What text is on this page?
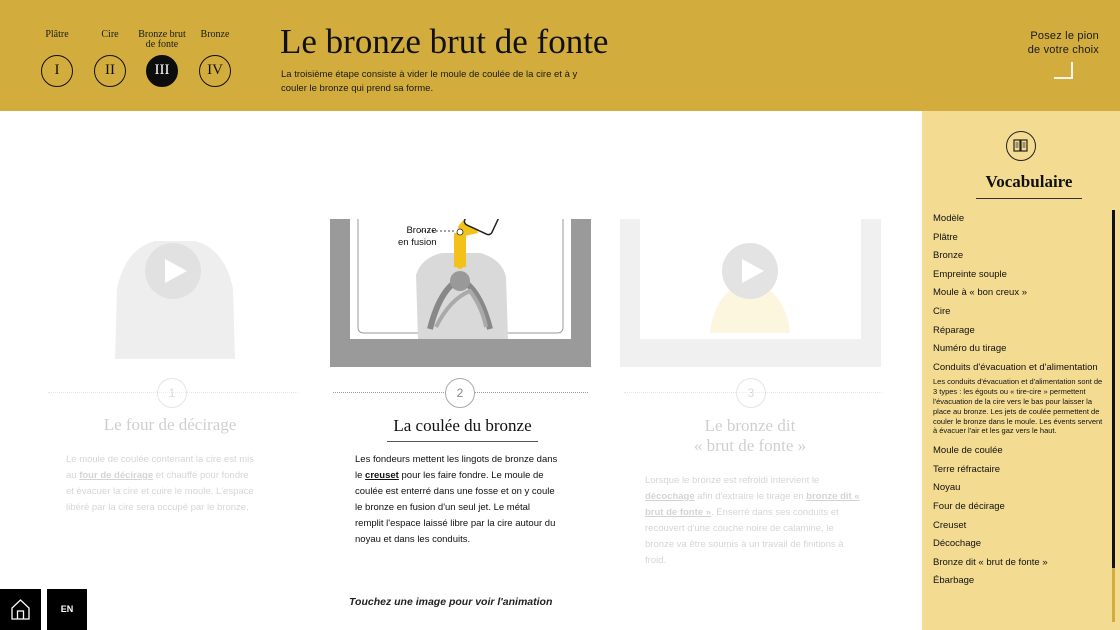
Plâtre
I
Cire
II
Bronze brut de fonte
III
Bronze
IV
Le bronze brut de fonte
La troisième étape consiste à vider le moule de coulée de la cire et à y couler le bronze qui prend sa forme.
Posez le pion
de votre choix
Bronze
en fusion
1	2	3
Le four de décirage
Le moule de coulée contenant la cire est mis au four de décirage et chauffé pour fondre et évacuer la cire et cuire le moule. L'espace libéré par la cire sera occupé par le bronze.
La coulée du bronze
Les fondeurs mettent les lingots de bronze dans le creuset pour les faire fondre. Le moule de coulée est enterré dans une fosse et on y coule le bronze en fusion d'un seul jet. Le métal remplit l'espace laissé libre par la cire autour du noyau et dans les conduits.
Le bronze dit
« brut de fonte »
Lorsque le bronze est refroidi intervient le décochage afin d'extraire le tirage en bronze dit « brut de fonte ». Enserré dans ses conduits et recouvert d'une couche noire de calamine, le bronze va être soumis à un travail de finitions à froid.
Touchez une image pour voir l'animation
Vocabulaire
Modèle
Plâtre
Bronze
Empreinte souple
Moule à « bon creux »
Cire
Réparage
Numéro du tirage
Conduits d'évacuation et d'alimentation
Les conduits d'évacuation et d'alimentation sont de 3 types : les égouts ou « tire-cire » permettent l'évacuation de la cire vers le bas pour laisser la place au bronze. Les jets de coulée permettent de couler le bronze dans le moule. Les évents servent à évacuer l'air et les gaz vers le haut.
Moule de coulée
Terre réfractaire
Noyau
Four de décirage
Creuset
Décochage
Bronze dit « brut de fonte »
Ébarbage
EN
